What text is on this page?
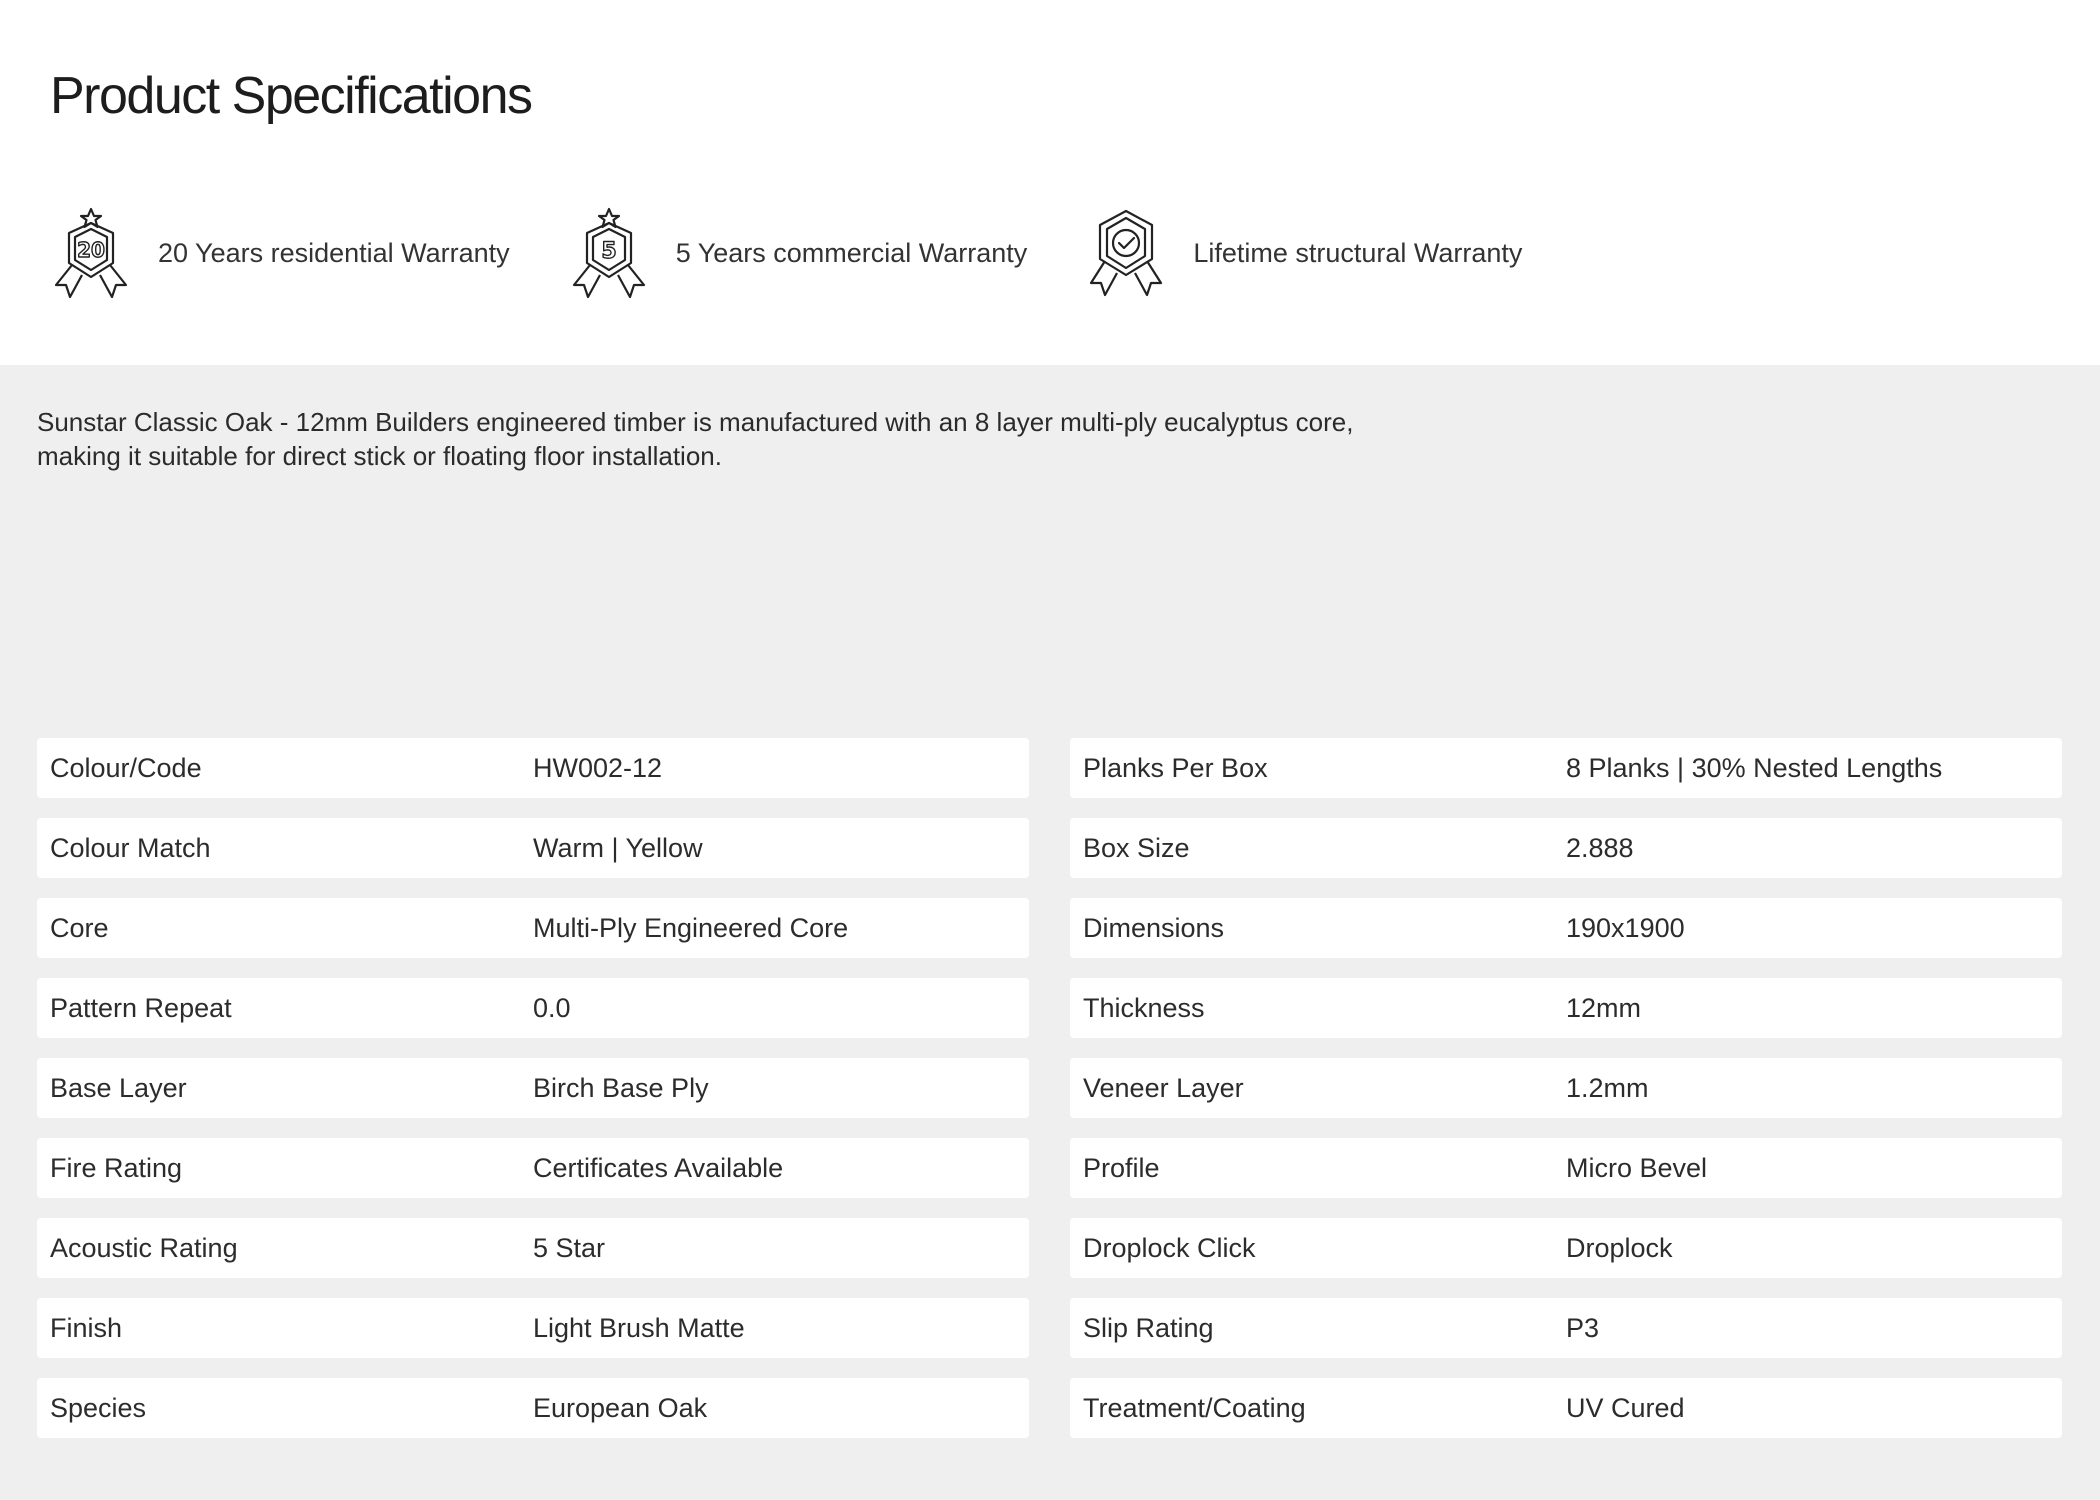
Product Specifications
20 20 Years residential Warranty	5 5 Years commercial Warranty	Lifetime structural Warranty

Sunstar Classic Oak - 12mm Builders engineered timber is manufactured with an 8 layer multi-ply eucalyptus core, making it suitable for direct stick or floating floor installation.

Colour/Code	HW002-12
Colour Match	Warm | Yellow
Core	Multi-Ply Engineered Core
Pattern Repeat	0.0
Base Layer	Birch Base Ply
Fire Rating	Certificates Available
Acoustic Rating	5 Star
Finish	Light Brush Matte
Species	European Oak
Planks Per Box	8 Planks | 30% Nested Lengths
Box Size	2.888
Dimensions	190x1900
Thickness	12mm
Veneer Layer	1.2mm
Profile	Micro Bevel
Droplock Click	Droplock
Slip Rating	P3
Treatment/Coating	UV Cured
